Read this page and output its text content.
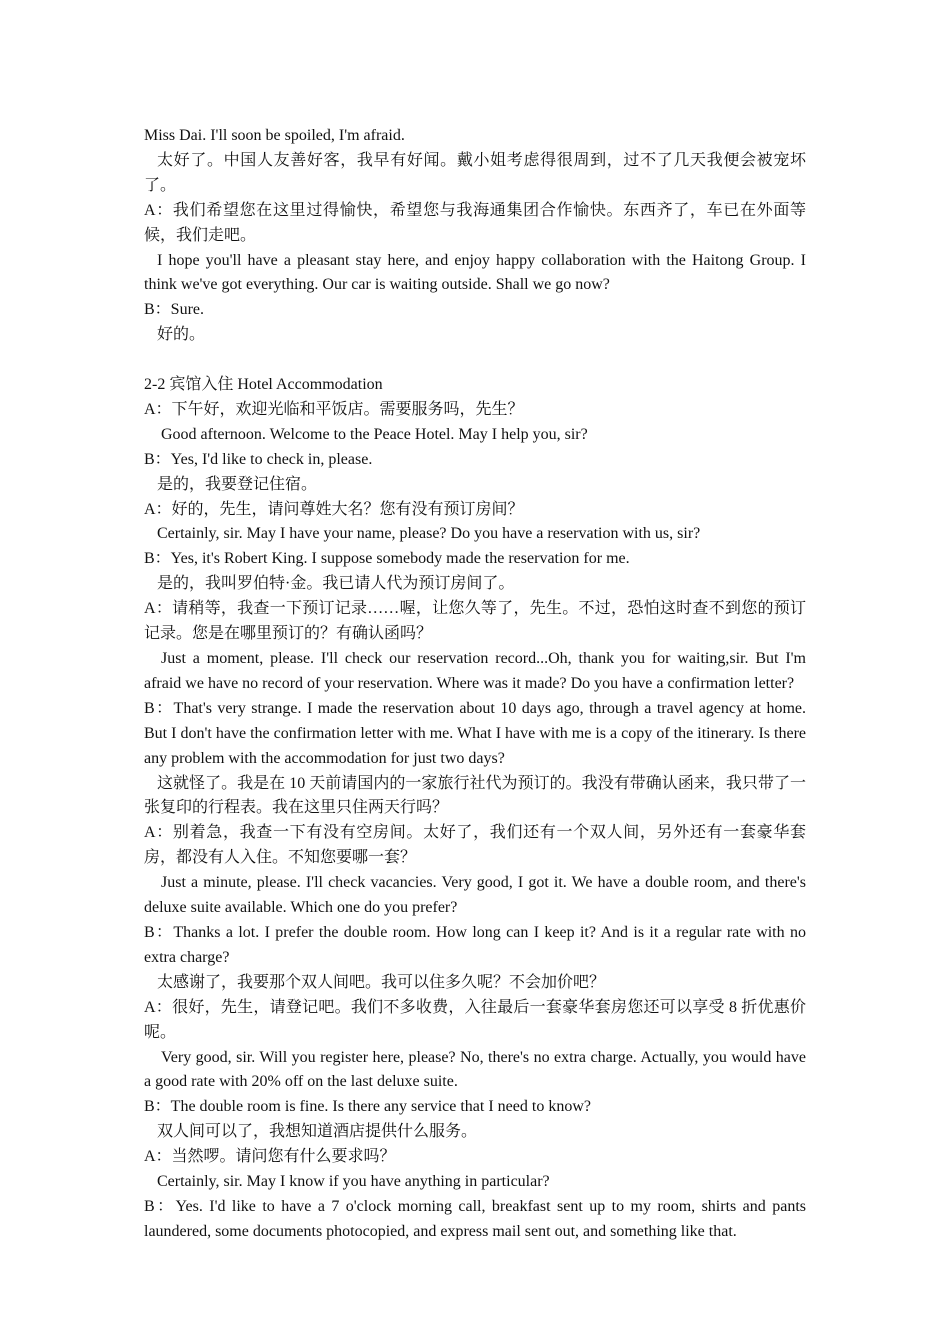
Miss Dai. I'll soon be spoiled, I'm afraid.

太好了。中国人友善好客，我早有好闻。戴小姐考虑得很周到，过不了几天我便会被宠坏了。

A：我们希望您在这里过得愉快，希望您与我海通集团合作愉快。东西齐了，车已在外面等候，我们走吧。

I hope you'll have a pleasant stay here, and enjoy happy collaboration with the Haitong Group. I think we've got everything. Our car is waiting outside. Shall we go now?

B：Sure.

好的。

2-2 宾馆入住 Hotel Accommodation

A：下午好，欢迎光临和平饭店。需要服务吗，先生？

Good afternoon. Welcome to the Peace Hotel. May I help you, sir?

B：Yes, I'd like to check in, please.

是的，我要登记住宿。

A：好的，先生，请问尊姓大名？您有没有预订房间？

Certainly, sir. May I have your name, please? Do you have a reservation with us, sir?

B：Yes, it's Robert King. I suppose somebody made the reservation for me.

是的，我叫罗伯特·金。我已请人代为预订房间了。

A：请稍等，我查一下预订记录……喔，让您久等了，先生。不过，恐怕这时查不到您的预订记录。您是在哪里预订的？有确认函吗？

Just a moment, please. I'll check our reservation record...Oh, thank you for waiting,sir. But I'm afraid we have no record of your reservation. Where was it made? Do you have a confirmation letter?

B：That's very strange. I made the reservation about 10 days ago, through a travel agency at home. But I don't have the confirmation letter with me. What I have with me is a copy of the itinerary. Is there any problem with the accommodation for just two days?

这就怪了。我是在 10 天前请国内的一家旅行社代为预订的。我没有带确认函来，我只带了一张复印的行程表。我在这里只住两天行吗？

A：别着急，我查一下有没有空房间。太好了，我们还有一个双人间，另外还有一套豪华套房，都没有人入住。不知您要哪一套？

Just a minute, please. I'll check vacancies. Very good, I got it. We have a double room, and there's deluxe suite available. Which one do you prefer?

B：Thanks a lot. I prefer the double room. How long can I keep it? And is it a regular rate with no extra charge?

太感谢了，我要那个双人间吧。我可以住多久呢？不会加价吧？

A：很好，先生，请登记吧。我们不多收费，入往最后一套豪华套房您还可以享受 8 折优惠价呢。

Very good, sir. Will you register here, please? No, there's no extra charge. Actually, you would have a good rate with 20% off on the last deluxe suite.

B：The double room is fine. Is there any service that I need to know?

双人间可以了，我想知道酒店提供什么服务。

A：当然啰。请问您有什么要求吗？

Certainly, sir. May I know if you have anything in particular?

B：Yes. I'd like to have a 7 o'clock morning call, breakfast sent up to my room, shirts and pants laundered, some documents photocopied, and express mail sent out, and something like that.
